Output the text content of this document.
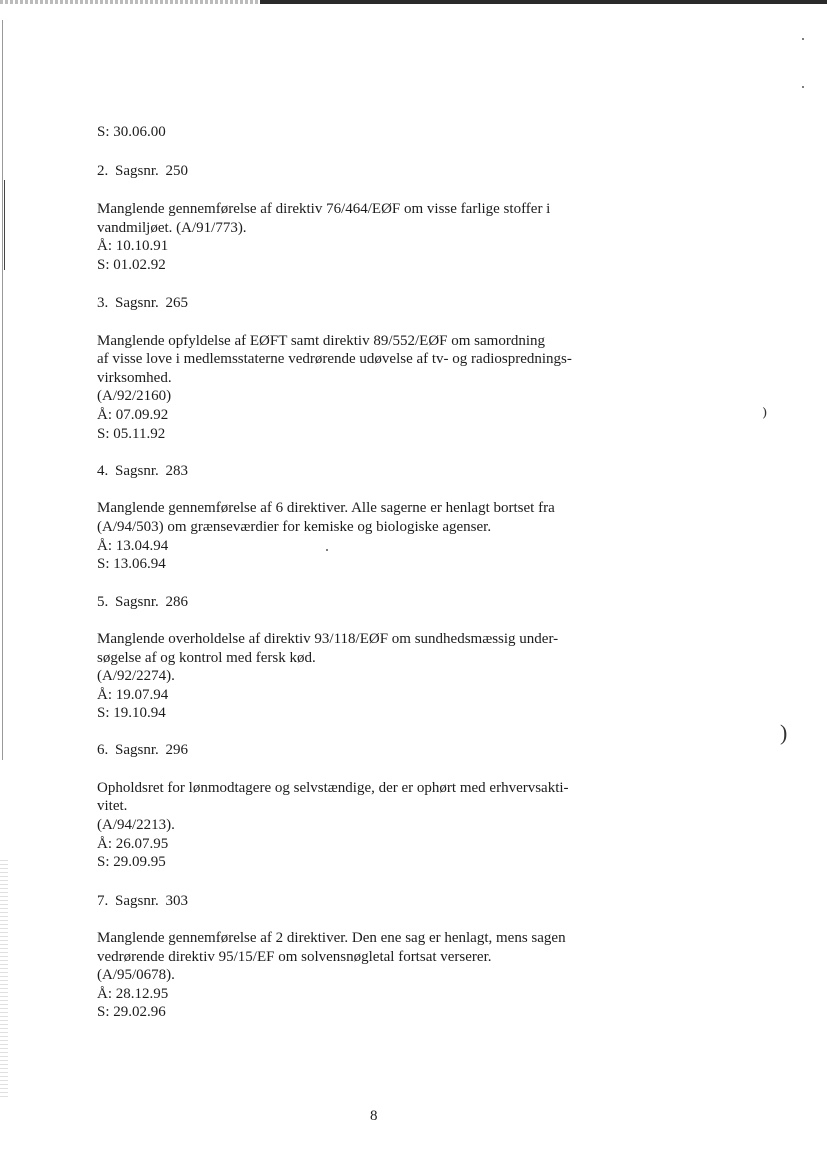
S: 30.06.00
2. Sagsnr. 250
Manglende gennemførelse af direktiv 76/464/EØF om visse farlige stoffer i
vandmiljøet. (A/91/773).
Å: 10.10.91
S: 01.02.92
3. Sagsnr. 265
Manglende opfyldelse af EØFT samt direktiv 89/552/EØF om samordning
af visse love i medlemsstaterne vedrørende udøvelse af tv- og radiosprednings-
virksomhed.
(A/92/2160)
Å: 07.09.92
S: 05.11.92
4. Sagsnr. 283
Manglende gennemførelse af 6 direktiver. Alle sagerne er henlagt bortset fra
(A/94/503) om grænseværdier for kemiske og biologiske agenser.
Å: 13.04.94
S: 13.06.94
5. Sagsnr. 286
Manglende overholdelse af direktiv 93/118/EØF om sundhedsmæssig under-
søgelse af og kontrol med fersk kød.
(A/92/2274).
Å: 19.07.94
S: 19.10.94
6. Sagsnr. 296
Opholdsret for lønmodtagere og selvstændige, der er ophørt med erhvervsakti-
vitet.
(A/94/2213).
Å: 26.07.95
S: 29.09.95
7. Sagsnr. 303
Manglende gennemførelse af 2 direktiver. Den ene sag er henlagt, mens sagen
vedrørende direktiv 95/15/EF om solvensnøgletal fortsat verserer.
(A/95/0678).
Å: 28.12.95
S: 29.02.96
⁾
)
8
